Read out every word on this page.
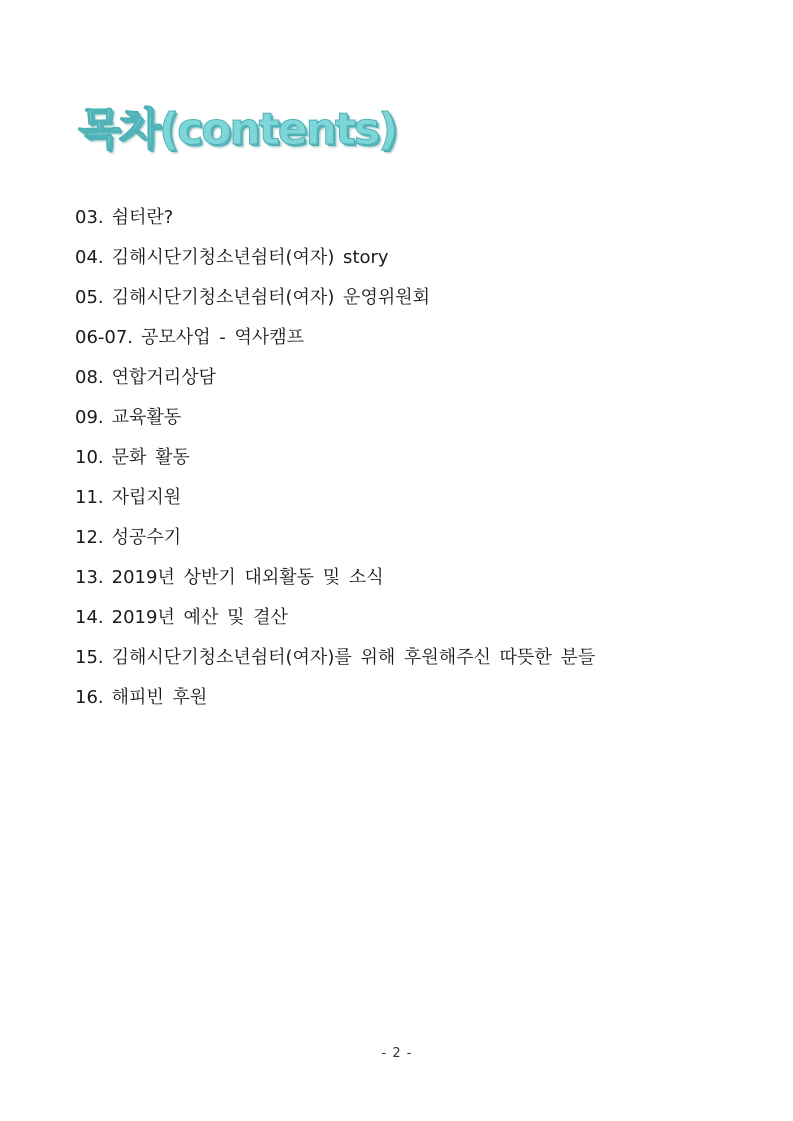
목차(contents)
03. 쉼터란?
04. 김해시단기청소년쉼터(여자) story
05. 김해시단기청소년쉼터(여자) 운영위원회
06-07. 공모사업 - 역사캠프
08. 연합거리상담
09. 교육활동
10. 문화 활동
11. 자립지원
12. 성공수기
13. 2019년 상반기 대외활동 및 소식
14. 2019년 예산 및 결산
15. 김해시단기청소년쉼터(여자)를 위해 후원해주신 따뜻한 분들
16. 해피빈 후원
- 2 -
